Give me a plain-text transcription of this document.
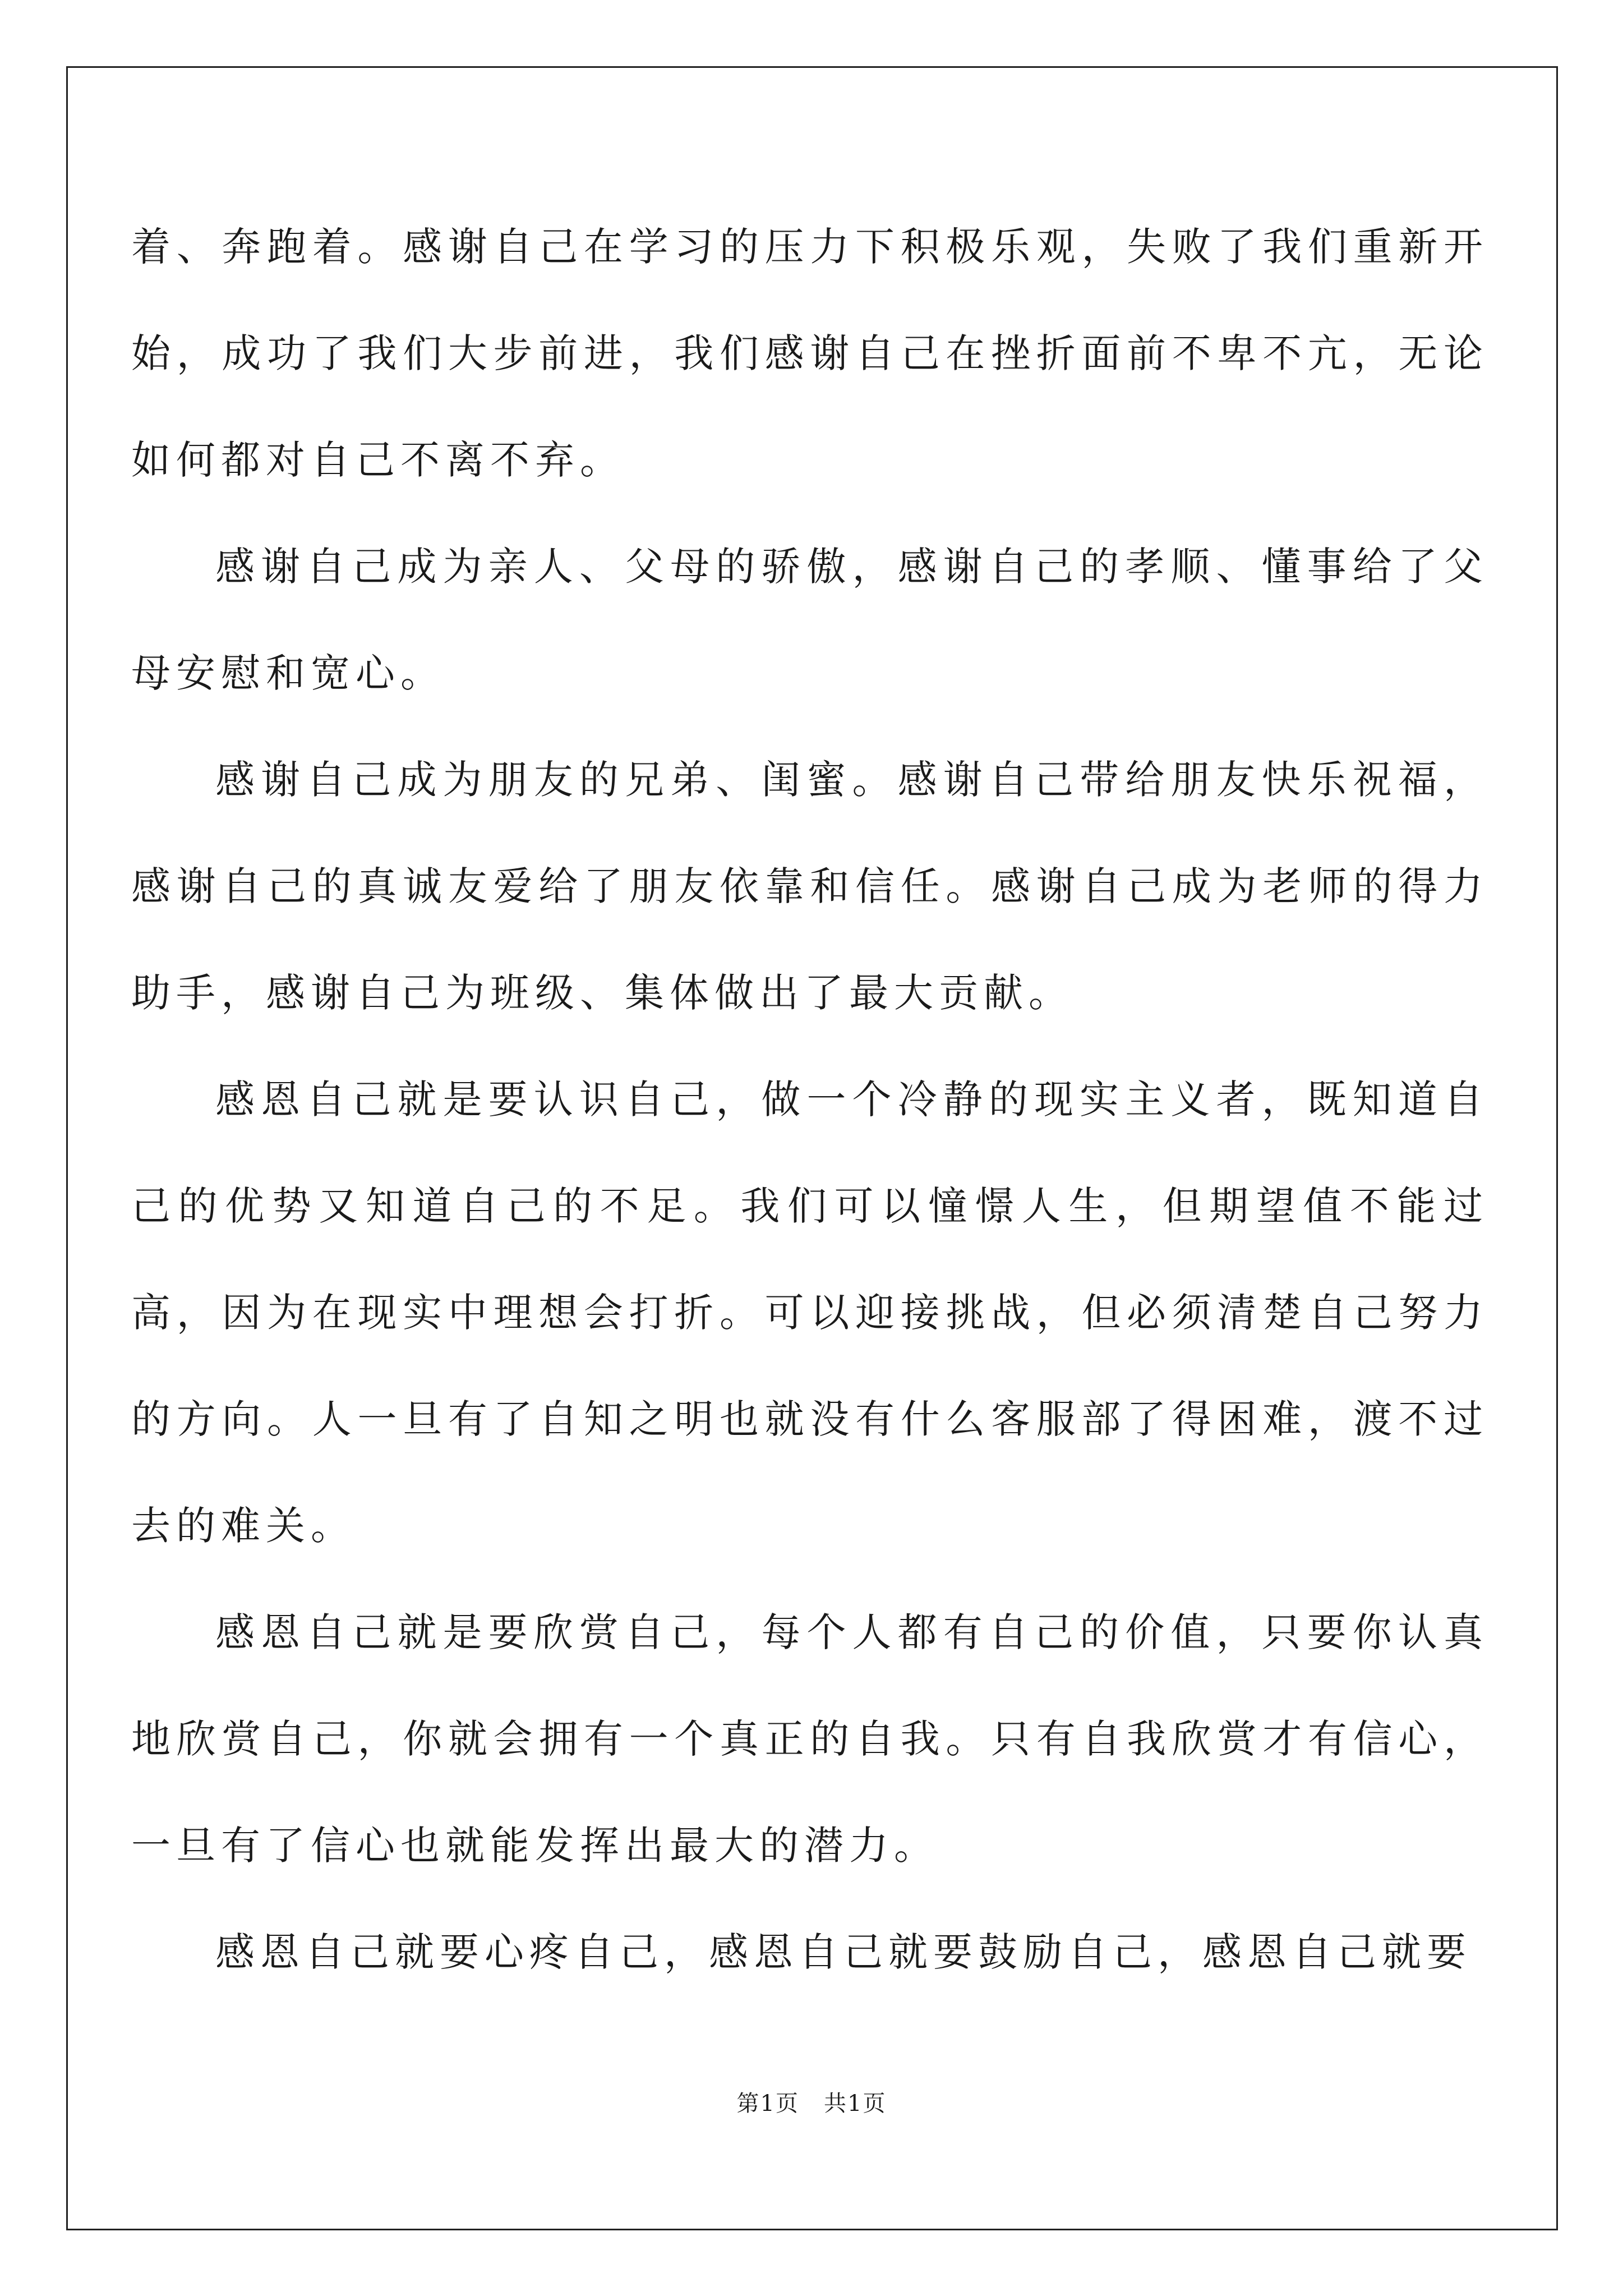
着、奔跑着。感谢自己在学习的压力下积极乐观，失败了我们重新开始，成功了我们大步前进，我们感谢自己在挫折面前不卑不亢，无论如何都对自己不离不弃。

感谢自己成为亲人、父母的骄傲，感谢自己的孝顺、懂事给了父母安慰和宽心。

感谢自己成为朋友的兄弟、闺蜜。感谢自己带给朋友快乐祝福，感谢自己的真诚友爱给了朋友依靠和信任。感谢自己成为老师的得力助手，感谢自己为班级、集体做出了最大贡献。

感恩自己就是要认识自己，做一个冷静的现实主义者，既知道自己的优势又知道自己的不足。我们可以憧憬人生，但期望值不能过高，因为在现实中理想会打折。可以迎接挑战，但必须清楚自己努力的方向。人一旦有了自知之明也就没有什么客服部了得困难，渡不过去的难关。

感恩自己就是要欣赏自己，每个人都有自己的价值，只要你认真地欣赏自己，你就会拥有一个真正的自我。只有自我欣赏才有信心，一旦有了信心也就能发挥出最大的潜力。

感恩自己就要心疼自己，感恩自己就要鼓励自己，感恩自己就要

第1页 共1页
